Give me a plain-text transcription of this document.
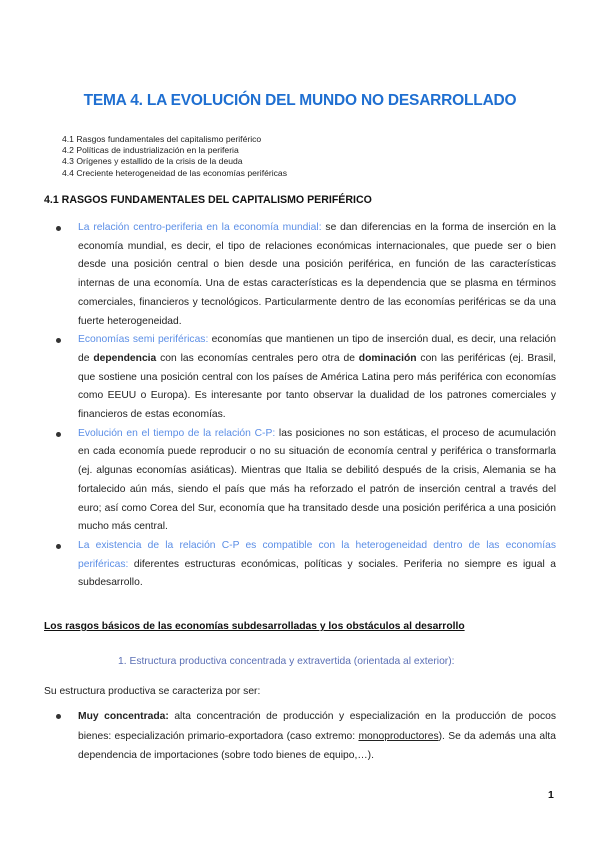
TEMA 4. LA EVOLUCIÓN DEL MUNDO NO DESARROLLADO
4.1 Rasgos fundamentales del capitalismo periférico
4.2 Políticas de industrialización en la periferia
4.3 Orígenes y estallido de la crisis de la deuda
4.4 Creciente heterogeneidad de las economías periféricas
4.1 RASGOS FUNDAMENTALES DEL CAPITALISMO PERIFÉRICO

La relación centro-periferia en la economía mundial: se dan diferencias en la forma de inserción en la economía mundial, es decir, el tipo de relaciones económicas internacionales, que puede ser o bien desde una posición central o bien desde una posición periférica, en función de las características internas de una economía. Una de estas características es la dependencia que se plasma en términos comerciales, financieros y tecnológicos. Particularmente dentro de las economías periféricas se da una fuerte heterogeneidad.

Economías semi periféricas: economías que mantienen un tipo de inserción dual, es decir, una relación de dependencia con las economías centrales pero otra de dominación con las periféricas (ej. Brasil, que sostiene una posición central con los países de América Latina pero más periférica con economías como EEUU o Europa). Es interesante por tanto observar la dualidad de los patrones comerciales y financieros de estas economías.

Evolución en el tiempo de la relación C-P: las posiciones no son estáticas, el proceso de acumulación en cada economía puede reproducir o no su situación de economía central y periférica o transformarla (ej. algunas economías asiáticas). Mientras que Italia se debilitó después de la crisis, Alemania se ha fortalecido aún más, siendo el país que más ha reforzado el patrón de inserción central a través del euro; así como Corea del Sur, economía que ha transitado desde una posición periférica a una posición mucho más central.

La existencia de la relación C-P es compatible con la heterogeneidad dentro de las economías periféricas: diferentes estructuras económicas, políticas y sociales. Periferia no siempre es igual a subdesarrollo.

Los rasgos básicos de las economías subdesarrolladas y los obstáculos al desarrollo
1. Estructura productiva concentrada y extravertida (orientada al exterior):
Su estructura productiva se caracteriza por ser:

Muy concentrada: alta concentración de producción y especialización en la producción de pocos bienes: especialización primario-exportadora (caso extremo: monoproductores). Se da además una alta dependencia de importaciones (sobre todo bienes de equipo,…).

1
